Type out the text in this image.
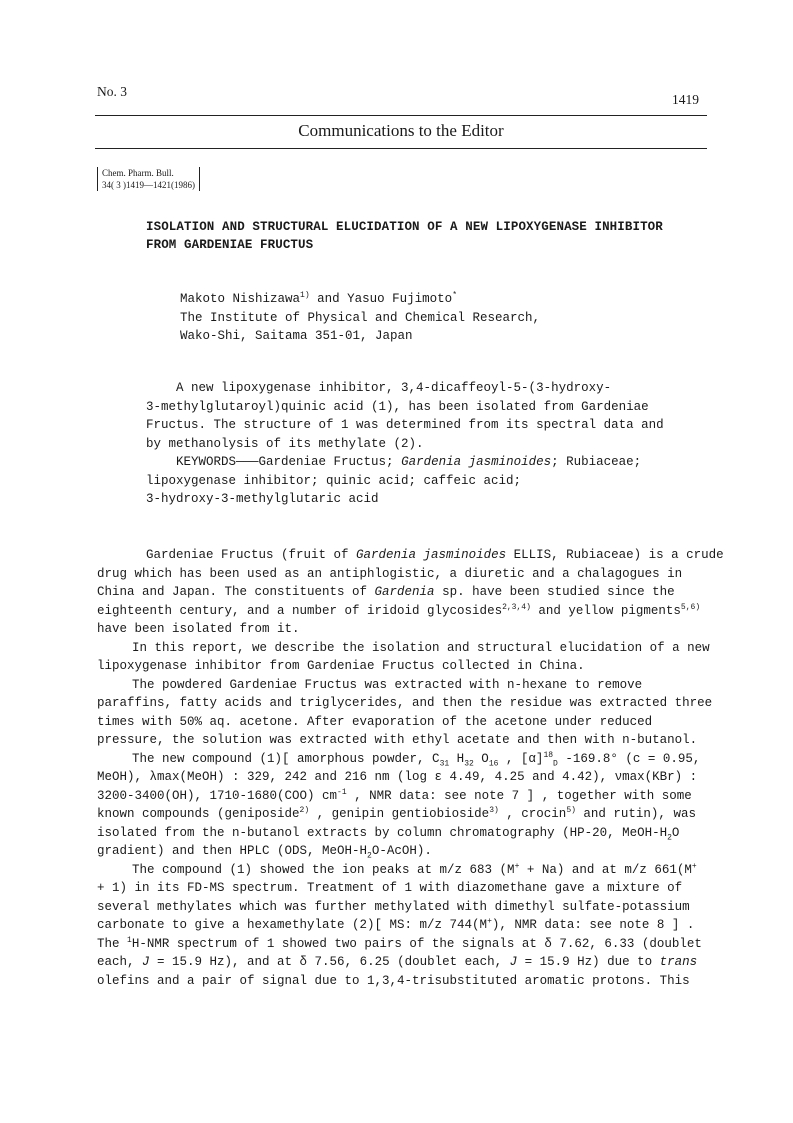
No. 3
1419
Communications to the Editor
Chem. Pharm. Bull.
34( 3 )1419—1421(1986)
ISOLATION AND STRUCTURAL ELUCIDATION OF A NEW LIPOXYGENASE INHIBITOR
FROM GARDENIAE FRUCTUS
Makoto Nishizawa$^{1)}$ and Yasuo Fujimoto*
The Institute of Physical and Chemical Research,
Wako-Shi, Saitama 351-01, Japan
A new lipoxygenase inhibitor, 3,4-dicaffeoyl-5-(3-hydroxy-
3-methylglutaroyl)quinic acid (1), has been isolated from Gardeniae
Fructus. The structure of 1 was determined from its spectral data and
by methanolysis of its methylate (2).
KEYWORDS———Gardeniae Fructus; Gardenia jasminoides; Rubiaceae;
lipoxygenase inhibitor; quinic acid; caffeic acid;
3-hydroxy-3-methylglutaric acid
Gardeniae Fructus (fruit of Gardenia jasminoides ELLIS, Rubiaceae) is a crude
drug which has been used as an antiphlogistic, a diuretic and a chalagogues in
China and Japan. The constituents of Gardenia sp. have been studied since the
eighteenth century, and a number of iridoid glycosides$^{2,3,4)}$ and yellow pigments$^{5,6)}$
have been isolated from it.
In this report, we describe the isolation and structural elucidation of a new
lipoxygenase inhibitor from Gardeniae Fructus collected in China.
The powdered Gardeniae Fructus was extracted with n-hexane to remove
paraffins, fatty acids and triglycerides, and then the residue was extracted three
times with 50% aq. acetone. After evaporation of the acetone under reduced
pressure, the solution was extracted with ethyl acetate and then with n-butanol.
The new compound (1)[ amorphous powder, $C_{31}$ $H_{32}$ $O_{16}$ , $[\alpha]^{18}_D$ -169.8° (c = 0.95,
MeOH), λmax(MeOH) : 329, 242 and 216 nm (log ε 4.49, 4.25 and 4.42), νmax(KBr) :
3200-3400(OH), 1710-1680(COO) $cm^{-1}$ , NMR data: see note 7 ] , together with some
known compounds (geniposide$^{2)}$ , genipin gentiobioside$^{3)}$ , crocin$^{5)}$ and rutin), was
isolated from the n-butanol extracts by column chromatography (HP-20, MeOH-$H_2O$
gradient) and then HPLC (ODS, MeOH-$H_2O-AcOH$).
The compound (1) showed the ion peaks at m/z 683 (M+ + Na) and at m/z 661(M+
+ 1) in its FD-MS spectrum. Treatment of 1 with diazomethane gave a mixture of
several methylates which was further methylated with dimethyl sulfate-potassium
carbonate to give a hexamethylate (2)[ MS: m/z 744(M+), NMR data: see note 8 ] .
The $^1$H-NMR spectrum of 1 showed two pairs of the signals at δ 7.62, 6.33 (doublet
each, J = 15.9 Hz), and at δ 7.56, 6.25 (doublet each, J = 15.9 Hz) due to trans
olefins and a pair of signal due to 1,3,4-trisubstituted aromatic protons. This
